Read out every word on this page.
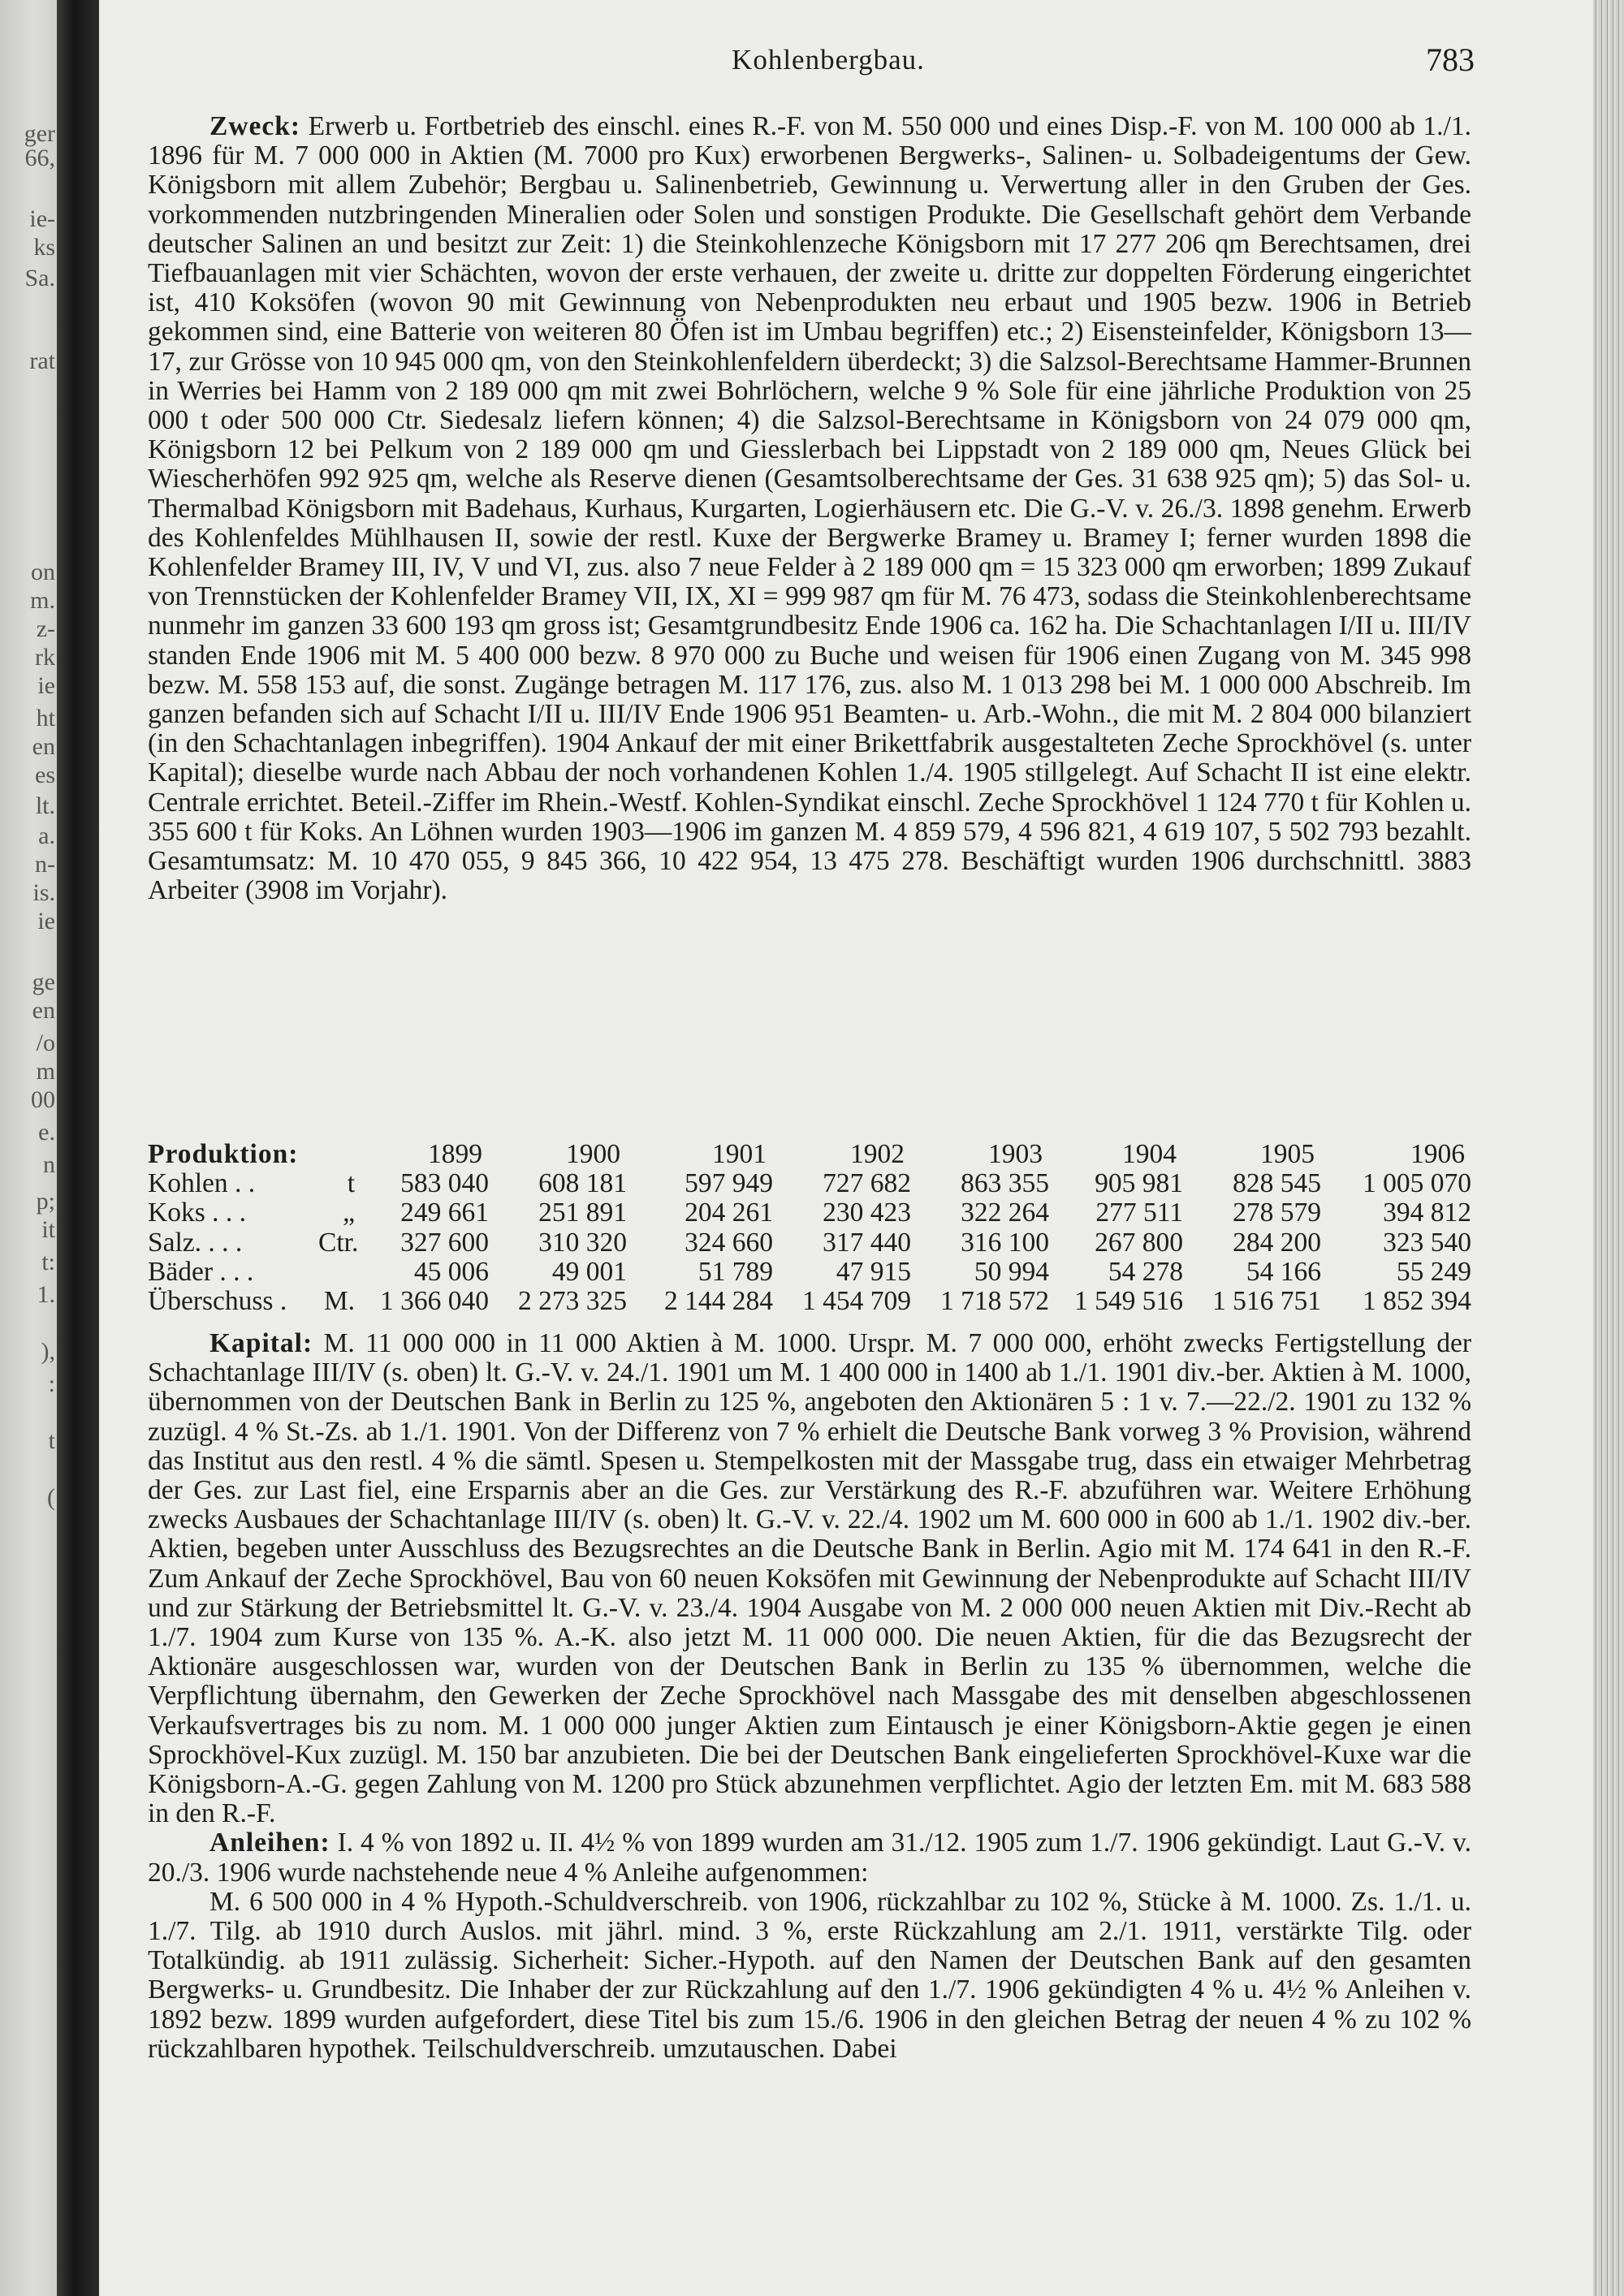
ger
66,
ie-
ks
Sa.
rat
on
m.
z-
rk
ie
ht
en
es
lt.
a.
n-
is.
ie
ge
en
/o
m
00
e.
n
p;
it
t:
1.
),
:
t
(
Kohlenbergbau.	783

Zweck: Erwerb u. Fortbetrieb des einschl. eines R.-F. von M. 550 000 und eines Disp.-F. von M. 100 000 ab 1./1. 1896 für M. 7 000 000 in Aktien (M. 7000 pro Kux) erworbenen Bergwerks-, Salinen- u. Solbadeigentums der Gew. Königsborn mit allem Zubehör; Bergbau u. Salinenbetrieb, Gewinnung u. Verwertung aller in den Gruben der Ges. vorkommenden nutzbringenden Mineralien oder Solen und sonstigen Produkte. Die Gesellschaft gehört dem Verbande deutscher Salinen an und besitzt zur Zeit: 1) die Steinkohlenzeche Königsborn mit 17 277 206 qm Berechtsamen, drei Tiefbauanlagen mit vier Schächten, wovon der erste verhauen, der zweite u. dritte zur doppelten Förderung eingerichtet ist, 410 Koksöfen (wovon 90 mit Gewinnung von Nebenprodukten neu erbaut und 1905 bezw. 1906 in Betrieb gekommen sind, eine Batterie von weiteren 80 Öfen ist im Umbau begriffen) etc.; 2) Eisensteinfelder, Königsborn 13—17, zur Grösse von 10 945 000 qm, von den Steinkohlenfeldern überdeckt; 3) die Salzsol-Berechtsame Hammer-Brunnen in Werries bei Hamm von 2 189 000 qm mit zwei Bohrlöchern, welche 9 % Sole für eine jährliche Produktion von 25 000 t oder 500 000 Ctr. Siedesalz liefern können; 4) die Salzsol-Berechtsame in Königsborn von 24 079 000 qm, Königsborn 12 bei Pelkum von 2 189 000 qm und Giesslerbach bei Lippstadt von 2 189 000 qm, Neues Glück bei Wiescherhöfen 992 925 qm, welche als Reserve dienen (Gesamtsolberechtsame der Ges. 31 638 925 qm); 5) das Sol- u. Thermalbad Königsborn mit Badehaus, Kurhaus, Kurgarten, Logierhäusern etc. Die G.-V. v. 26./3. 1898 genehm. Erwerb des Kohlenfeldes Mühlhausen II, sowie der restl. Kuxe der Bergwerke Bramey u. Bramey I; ferner wurden 1898 die Kohlenfelder Bramey III, IV, V und VI, zus. also 7 neue Felder à 2 189 000 qm = 15 323 000 qm erworben; 1899 Zukauf von Trennstücken der Kohlenfelder Bramey VII, IX, XI = 999 987 qm für M. 76 473, sodass die Steinkohlenberechtsame nunmehr im ganzen 33 600 193 qm gross ist; Gesamtgrundbesitz Ende 1906 ca. 162 ha. Die Schachtanlagen I/II u. III/IV standen Ende 1906 mit M. 5 400 000 bezw. 8 970 000 zu Buche und weisen für 1906 einen Zugang von M. 345 998 bezw. M. 558 153 auf, die sonst. Zugänge betragen M. 117 176, zus. also M. 1 013 298 bei M. 1 000 000 Abschreib. Im ganzen befanden sich auf Schacht I/II u. III/IV Ende 1906 951 Beamten- u. Arb.-Wohn., die mit M. 2 804 000 bilanziert (in den Schachtanlagen inbegriffen). 1904 Ankauf der mit einer Brikettfabrik ausgestalteten Zeche Sprockhövel (s. unter Kapital); dieselbe wurde nach Abbau der noch vorhandenen Kohlen 1./4. 1905 stillgelegt. Auf Schacht II ist eine elektr. Centrale errichtet. Beteil.-Ziffer im Rhein.-Westf. Kohlen-Syndikat einschl. Zeche Sprockhövel 1 124 770 t für Kohlen u. 355 600 t für Koks. An Löhnen wurden 1903—1906 im ganzen M. 4 859 579, 4 596 821, 4 619 107, 5 502 793 bezahlt. Gesamtumsatz: M. 10 470 055, 9 845 366, 10 422 954, 13 475 278. Beschäftigt wurden 1906 durchschnittl. 3883 Arbeiter (3908 im Vorjahr).

Produktion:		1899	1900	1901	1902	1903	1904	1905	1906
Kohlen . .	t	583 040	608 181	597 949	727 682	863 355	905 981	828 545	1 005 070
Koks . . .	„	249 661	251 891	204 261	230 423	322 264	277 511	278 579	394 812
Salz. . . .	Ctr.	327 600	310 320	324 660	317 440	316 100	267 800	284 200	323 540
Bäder . . .		45 006	49 001	51 789	47 915	50 994	54 278	54 166	55 249
Überschuss .	M.	1 366 040	2 273 325	2 144 284	1 454 709	1 718 572	1 549 516	1 516 751	1 852 394

Kapital: M. 11 000 000 in 11 000 Aktien à M. 1000. Urspr. M. 7 000 000, erhöht zwecks Fertigstellung der Schachtanlage III/IV (s. oben) lt. G.-V. v. 24./1. 1901 um M. 1 400 000 in 1400 ab 1./1. 1901 div.-ber. Aktien à M. 1000, übernommen von der Deutschen Bank in Berlin zu 125 %, angeboten den Aktionären 5 : 1 v. 7.—22./2. 1901 zu 132 % zuzügl. 4 % St.-Zs. ab 1./1. 1901. Von der Differenz von 7 % erhielt die Deutsche Bank vorweg 3 % Provision, während das Institut aus den restl. 4 % die sämtl. Spesen u. Stempelkosten mit der Massgabe trug, dass ein etwaiger Mehrbetrag der Ges. zur Last fiel, eine Ersparnis aber an die Ges. zur Verstärkung des R.-F. abzuführen war. Weitere Erhöhung zwecks Ausbaues der Schachtanlage III/IV (s. oben) lt. G.-V. v. 22./4. 1902 um M. 600 000 in 600 ab 1./1. 1902 div.-ber. Aktien, begeben unter Ausschluss des Bezugsrechtes an die Deutsche Bank in Berlin. Agio mit M. 174 641 in den R.-F. Zum Ankauf der Zeche Sprockhövel, Bau von 60 neuen Koksöfen mit Gewinnung der Nebenprodukte auf Schacht III/IV und zur Stärkung der Betriebsmittel lt. G.-V. v. 23./4. 1904 Ausgabe von M. 2 000 000 neuen Aktien mit Div.-Recht ab 1./7. 1904 zum Kurse von 135 %. A.-K. also jetzt M. 11 000 000. Die neuen Aktien, für die das Bezugsrecht der Aktionäre ausgeschlossen war, wurden von der Deutschen Bank in Berlin zu 135 % übernommen, welche die Verpflichtung übernahm, den Gewerken der Zeche Sprockhövel nach Massgabe des mit denselben abgeschlossenen Verkaufsvertrages bis zu nom. M. 1 000 000 junger Aktien zum Eintausch je einer Königsborn-Aktie gegen je einen Sprockhövel-Kux zuzügl. M. 150 bar anzubieten. Die bei der Deutschen Bank eingelieferten Sprockhövel-Kuxe war die Königsborn-A.-G. gegen Zahlung von M. 1200 pro Stück abzunehmen verpflichtet. Agio der letzten Em. mit M. 683 588 in den R.-F.

Anleihen: I. 4 % von 1892 u. II. 4½ % von 1899 wurden am 31./12. 1905 zum 1./7. 1906 gekündigt. Laut G.-V. v. 20./3. 1906 wurde nachstehende neue 4 % Anleihe aufgenommen:

M. 6 500 000 in 4 % Hypoth.-Schuldverschreib. von 1906, rückzahlbar zu 102 %, Stücke à M. 1000. Zs. 1./1. u. 1./7. Tilg. ab 1910 durch Auslos. mit jährl. mind. 3 %, erste Rückzahlung am 2./1. 1911, verstärkte Tilg. oder Totalkündig. ab 1911 zulässig. Sicherheit: Sicher.-Hypoth. auf den Namen der Deutschen Bank auf den gesamten Bergwerks- u. Grundbesitz. Die Inhaber der zur Rückzahlung auf den 1./7. 1906 gekündigten 4 % u. 4½ % Anleihen v. 1892 bezw. 1899 wurden aufgefordert, diese Titel bis zum 15./6. 1906 in den gleichen Betrag der neuen 4 % zu 102 % rückzahlbaren hypothek. Teilschuldverschreib. umzutauschen. Dabei
